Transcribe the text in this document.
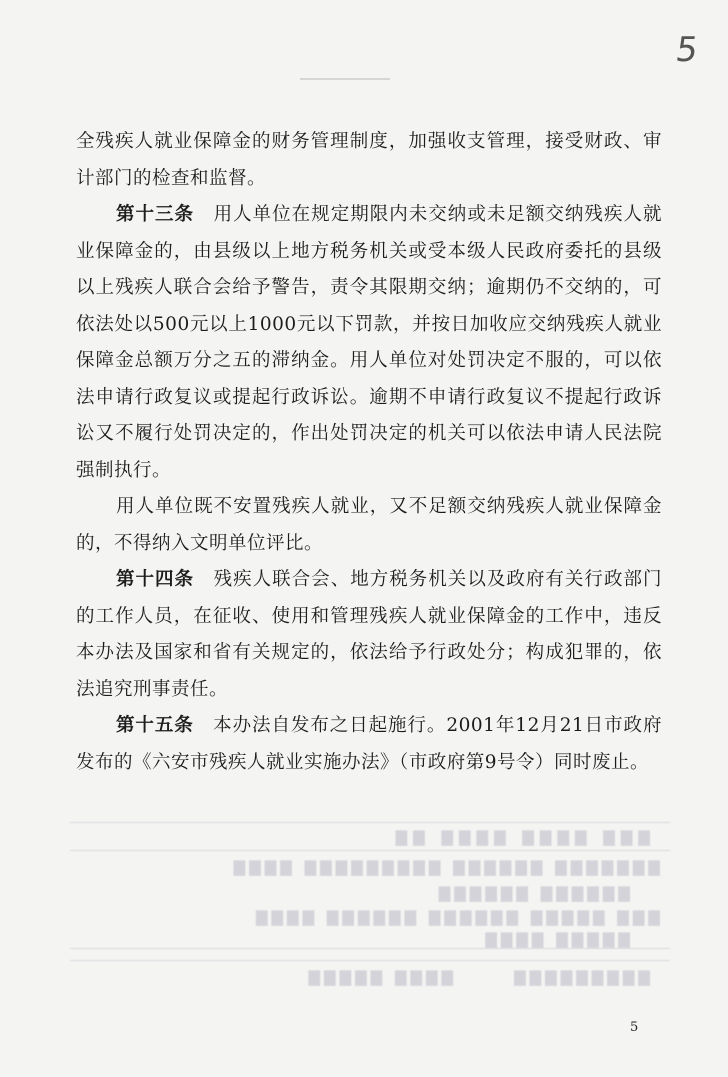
5

全残疾人就业保障金的财务管理制度，加强收支管理，接受财政、审计部门的检查和监督。

第十三条　用人单位在规定期限内未交纳或未足额交纳残疾人就业保障金的，由县级以上地方税务机关或受本级人民政府委托的县级以上残疾人联合会给予警告，责令其限期交纳；逾期仍不交纳的，可依法处以500元以上1000元以下罚款，并按日加收应交纳残疾人就业保障金总额万分之五的滞纳金。用人单位对处罚决定不服的，可以依法申请行政复议或提起行政诉讼。逾期不申请行政复议不提起行政诉讼又不履行处罚决定的，作出处罚决定的机关可以依法申请人民法院强制执行。

用人单位既不安置残疾人就业，又不足额交纳残疾人就业保障金的，不得纳入文明单位评比。

第十四条　残疾人联合会、地方税务机关以及政府有关行政部门的工作人员，在征收、使用和管理残疾人就业保障金的工作中，违反本办法及国家和省有关规定的，依法给予行政处分；构成犯罪的，依法追究刑事责任。

第十五条　本办法自发布之日起施行。2001年12月21日市政府发布的《六安市残疾人就业实施办法》（市政府第9号令）同时废止。

▇▇▇ ▇▇▇▇ ▇▇▇▇ ▇▇
▇▇▇▇▇▇▇ ▇▇▇▇▇▇ ▇▇▇▇▇▇▇▇▇ ▇▇▇▇
▇▇▇▇▇▇ ▇▇▇▇▇▇
▇▇▇ ▇▇▇▇▇ ▇▇▇▇▇▇ ▇▇▇▇▇▇ ▇▇▇▇
▇▇▇▇▇ ▇▇▇▇
▇▇▇▇▇▇▇▇▇　　　▇▇▇▇ ▇▇▇▇▇
5
